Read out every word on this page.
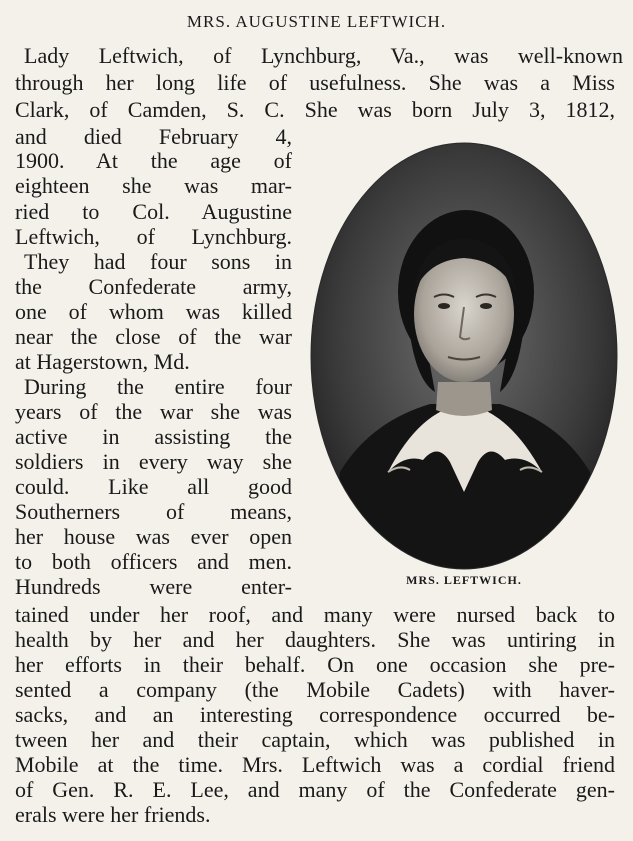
MRS. AUGUSTINE LEFTWICH.
Lady Leftwich, of Lynchburg, Va., was well-known
through her long life of usefulness. She was a Miss
Clark, of Camden, S. C. She was born July 3, 1812,
and died February 4,
1900. At the age of
eighteen she was mar-
ried to Col. Augustine
Leftwich, of Lynchburg.
They had four sons in
the Confederate army,
one of whom was killed
near the close of the war
at Hagerstown, Md.
During the entire four
years of the war she was
active in assisting the
soldiers in every way she
could. Like all good
Southerners of means,
her house was ever open
to both officers and men.
Hundreds were enter-
tained under her roof, and many were nursed back to
health by her and her daughters. She was untiring in
her efforts in their behalf. On one occasion she pre-
sented a company (the Mobile Cadets) with haver-
sacks, and an interesting correspondence occurred be-
tween her and their captain, which was published in
Mobile at the time. Mrs. Leftwich was a cordial friend
of Gen. R. E. Lee, and many of the Confederate gen-
erals were her friends.
MRS. LEFTWICH.
